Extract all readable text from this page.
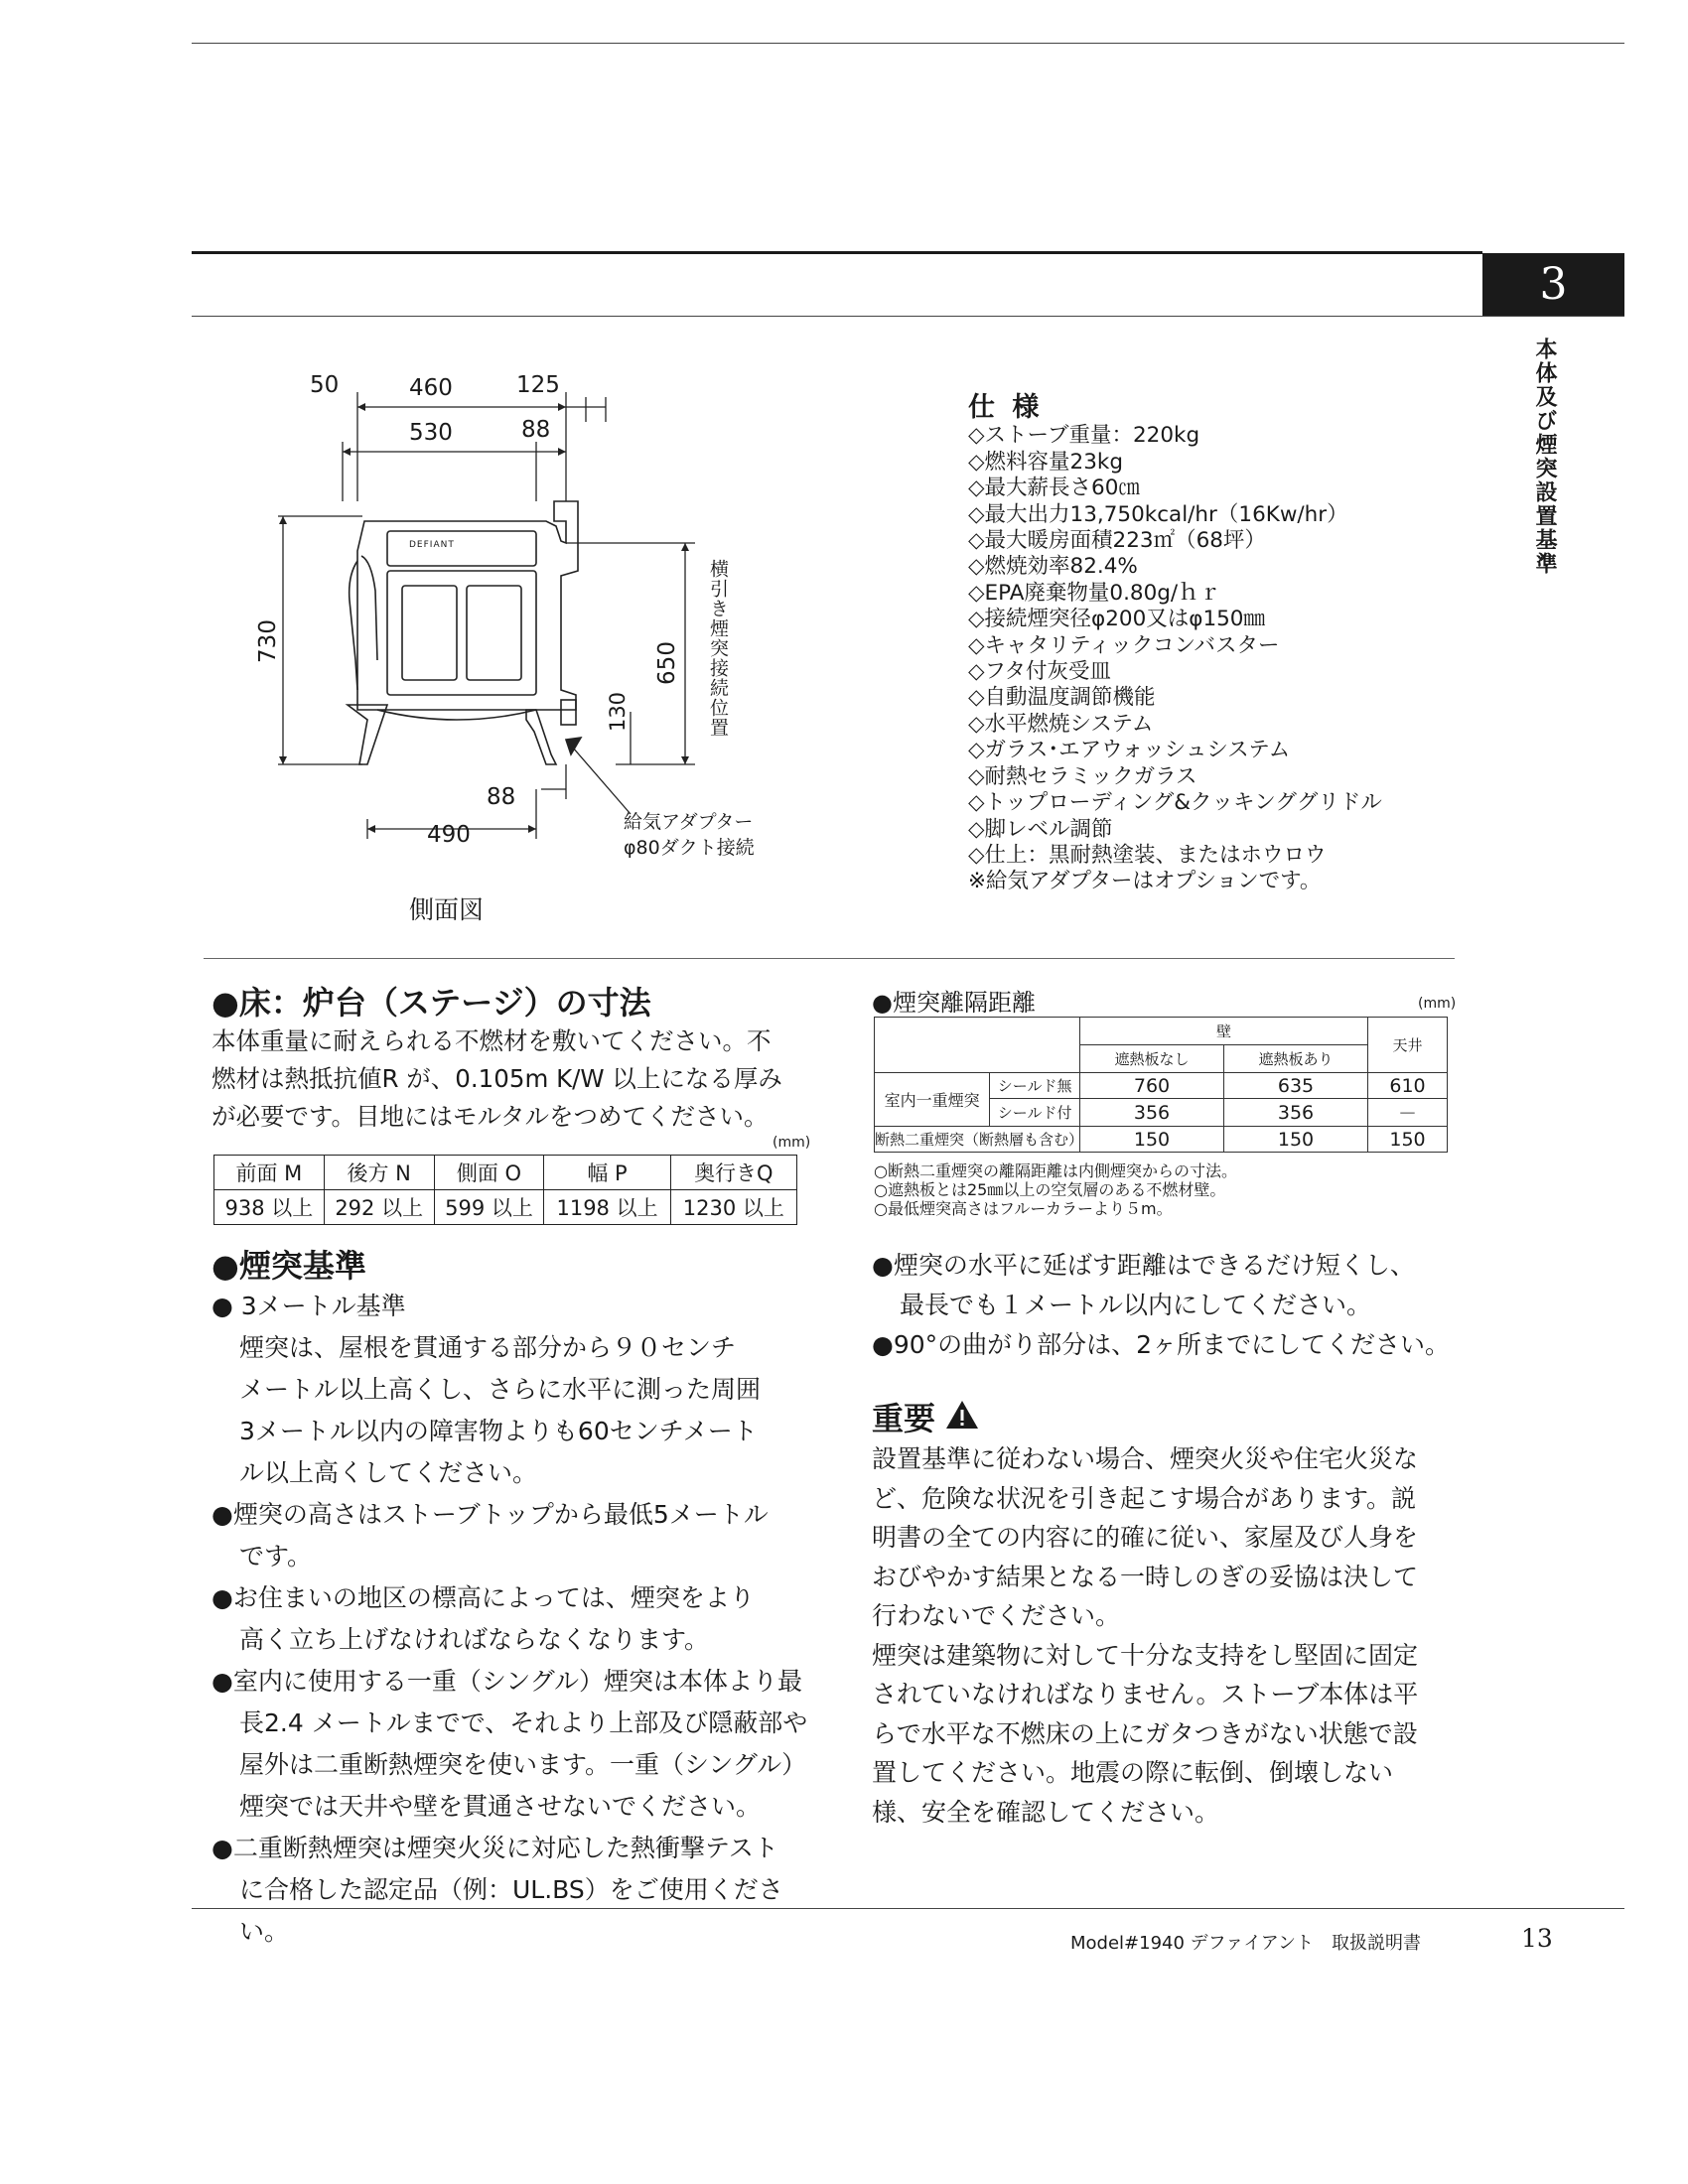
3
本体及び煙突設置基準
DEFIANT
50	460	125
530	88
730
650
130
88
490
横引き煙突接続位置
給気アダプター
φ80ダクト接続
側面図
仕 様
◇ストーブ重量：220kg
◇燃料容量23kg
◇最大薪長さ60㎝
◇最大出力13,750kcal/hr（16Kw/hr）
◇最大暖房面積223㎡（68坪）
◇燃焼効率82.4%
◇EPA廃棄物量0.80g/ｈｒ
◇接続煙突径φ200又はφ150㎜
◇キャタリティックコンバスター
◇フタ付灰受皿
◇自動温度調節機能
◇水平燃焼システム
◇ガラス･エアウォッシュシステム
◇耐熱セラミックガラス
◇トップローディング&クッキンググリドル
◇脚レベル調節
◇仕上：黒耐熱塗装、またはホウロウ
※給気アダプターはオプションです。
●床：炉台（ステージ）の寸法

本体重量に耐えられる不燃材を敷いてください。不

燃材は熱抵抗値R が、0.105m K/W 以上になる厚み

が必要です。目地にはモルタルをつめてください。

(mm)
前面 M	後方 N	側面 O	幅 P	奥行きQ
938 以上	292 以上	599 以上	1198 以上	1230 以上
●煙突離隔距離	(mm)
		壁		天井
		遮熱板なし	遮熱板あり	
室内一重煙突	シールド無	760	635	610
	シールド付	356	356	－
断熱二重煙突（断熱層も含む）		150	150	150
○断熱二重煙突の離隔距離は内側煙突からの寸法。
○遮熱板とは25㎜以上の空気層のある不燃材壁。
○最低煙突高さはフルーカラーより５m。
●煙突基準

● 3メートル基準

煙突は、屋根を貫通する部分から９０センチ

メートル以上高くし、さらに水平に測った周囲

3メートル以内の障害物よりも60センチメート

ル以上高くしてください。

●煙突の高さはストーブトップから最低5メートル

です。

●お住まいの地区の標高によっては、煙突をより

高く立ち上げなければならなくなります。

●室内に使用する一重（シングル）煙突は本体より最

長2.4 メートルまでで、それより上部及び隠蔽部や

屋外は二重断熱煙突を使います。一重（シングル）

煙突では天井や壁を貫通させないでください。

●二重断熱煙突は煙突火災に対応した熱衝撃テスト

に合格した認定品（例：UL.BS）をご使用ください。

●煙突の水平に延ばす距離はできるだけ短くし、

最長でも１メートル以内にしてください。

●90°の曲がり部分は、2ヶ所までにしてください。

重要

設置基準に従わない場合、煙突火災や住宅火災な

ど、危険な状況を引き起こす場合があります。説

明書の全ての内容に的確に従い、家屋及び人身を

おびやかす結果となる一時しのぎの妥協は決して

行わないでください。

煙突は建築物に対して十分な支持をし堅固に固定

されていなければなりません。ストーブ本体は平

らで水平な不燃床の上にガタつきがない状態で設

置してください。地震の際に転倒、倒壊しない

様、安全を確認してください。

Model#1940 デファイアント　取扱説明書	13
